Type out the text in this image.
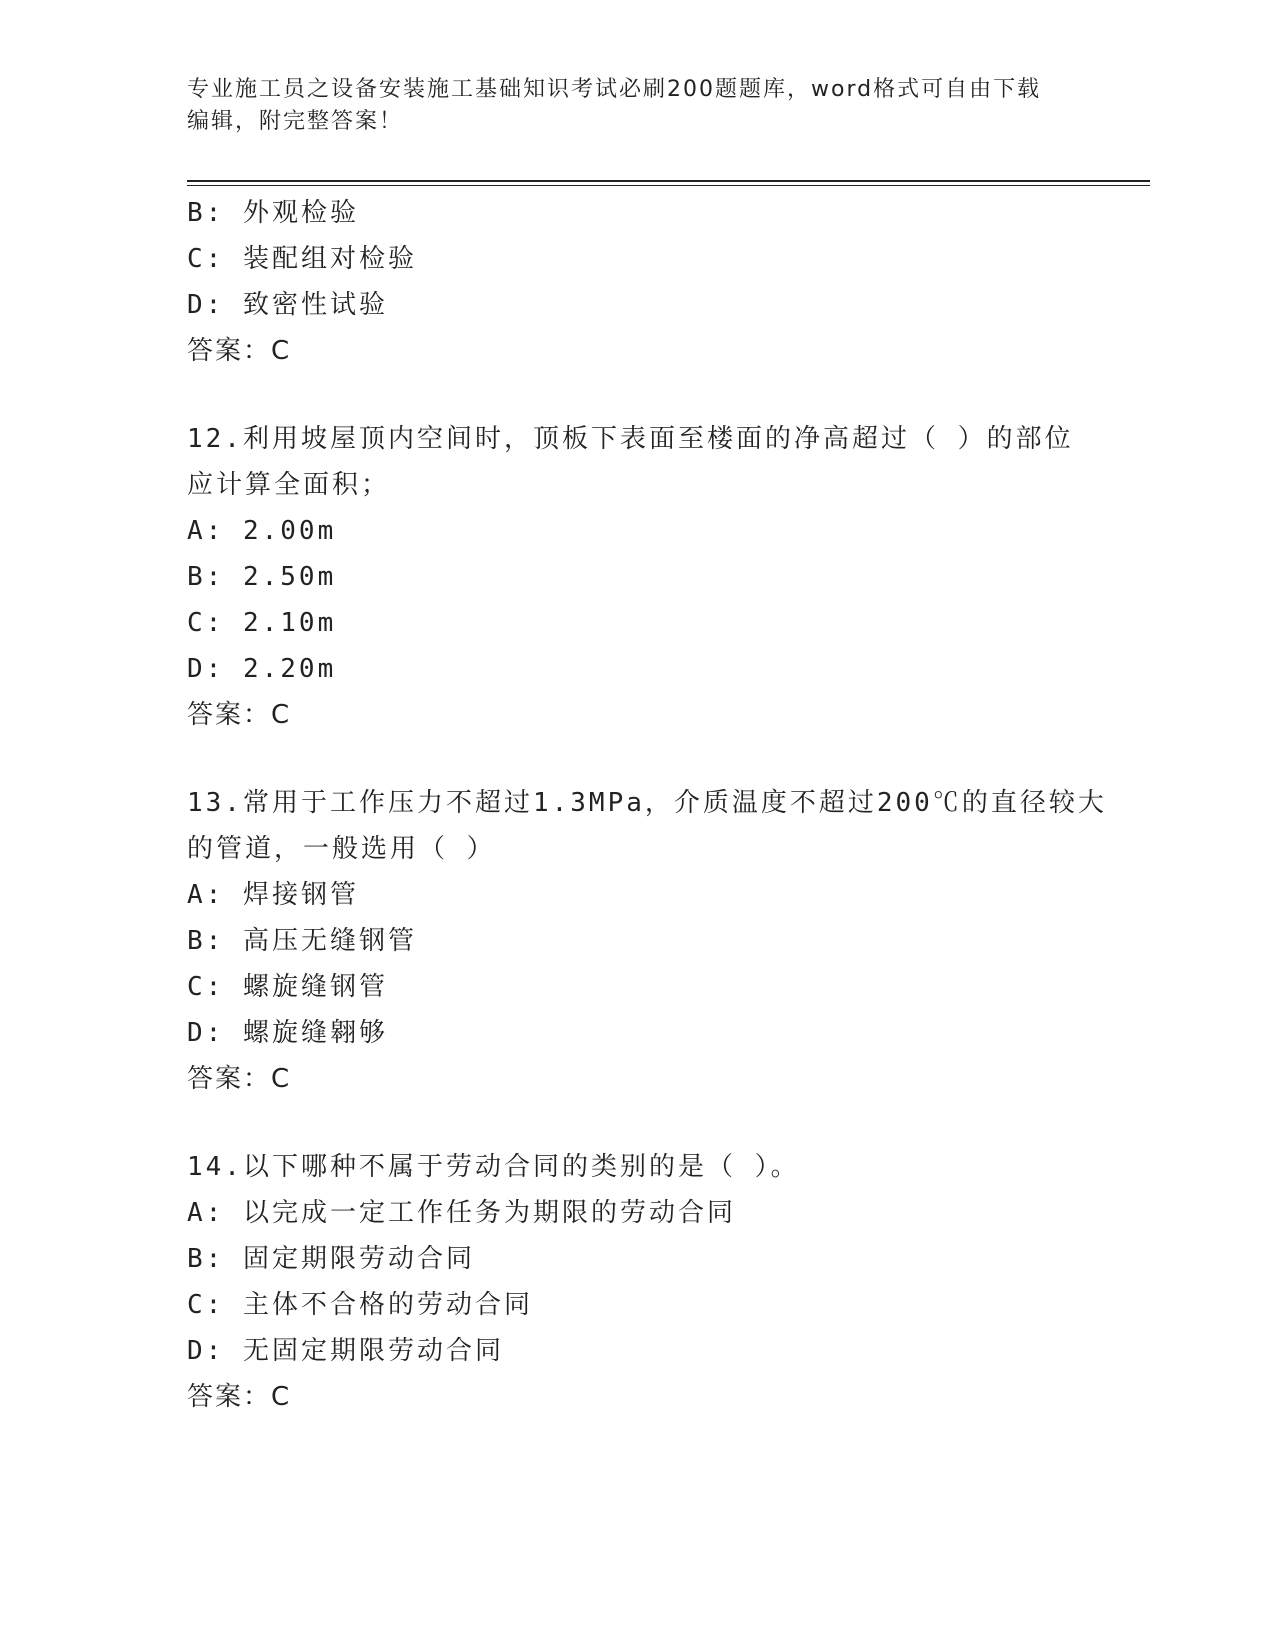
专业施工员之设备安装施工基础知识考试必刷200题题库，word格式可自由下载
编辑，附完整答案！
B: 外观检验
C: 装配组对检验
D: 致密性试验
答案：C
12.利用坡屋顶内空间时，顶板下表面至楼面的净高超过（ ）的部位
应计算全面积；
A: 2.00m
B: 2.50m
C: 2.10m
D: 2.20m
答案：C
13.常用于工作压力不超过1.3MPa，介质温度不超过200℃的直径较大
的管道，一般选用（ ）
A: 焊接钢管
B: 高压无缝钢管
C: 螺旋缝钢管
D: 螺旋缝翱够
答案：C
14.以下哪种不属于劳动合同的类别的是（ ）。
A: 以完成一定工作任务为期限的劳动合同
B: 固定期限劳动合同
C: 主体不合格的劳动合同
D: 无固定期限劳动合同
答案：C
